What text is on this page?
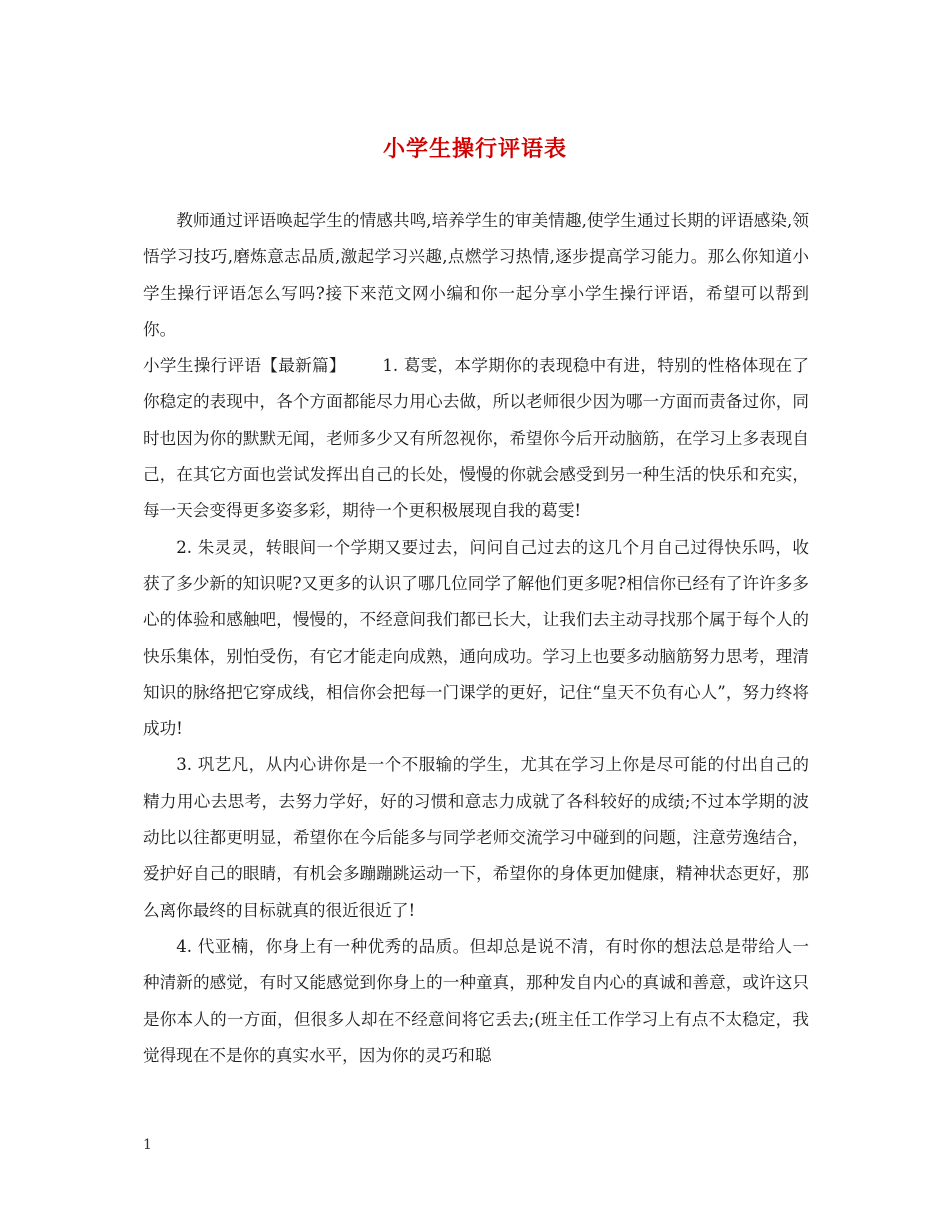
小学生操行评语表

教师通过评语唤起学生的情感共鸣,培养学生的审美情趣,使学生通过长期的评语感染,领悟学习技巧,磨炼意志品质,激起学习兴趣,点燃学习热情,逐步提高学习能力。那么你知道小学生操行评语怎么写吗?接下来范文网小编和你一起分享小学生操行评语，希望可以帮到你。

小学生操行评语【最新篇】 1. 葛雯，本学期你的表现稳中有进，特别的性格体现在了你稳定的表现中，各个方面都能尽力用心去做，所以老师很少因为哪一方面而责备过你，同时也因为你的默默无闻，老师多少又有所忽视你，希望你今后开动脑筋，在学习上多表现自己，在其它方面也尝试发挥出自己的长处，慢慢的你就会感受到另一种生活的快乐和充实，每一天会变得更多姿多彩，期待一个更积极展现自我的葛雯!

2. 朱灵灵，转眼间一个学期又要过去，问问自己过去的这几个月自己过得快乐吗，收获了多少新的知识呢?又更多的认识了哪几位同学了解他们更多呢?相信你已经有了许许多多心的体验和感触吧，慢慢的，不经意间我们都已长大，让我们去主动寻找那个属于每个人的快乐集体，别怕受伤，有它才能走向成熟，通向成功。学习上也要多动脑筋努力思考，理清知识的脉络把它穿成线，相信你会把每一门课学的更好，记住“皇天不负有心人”，努力终将成功!

3. 巩艺凡，从内心讲你是一个不服输的学生，尤其在学习上你是尽可能的付出自己的精力用心去思考，去努力学好，好的习惯和意志力成就了各科较好的成绩;不过本学期的波动比以往都更明显，希望你在今后能多与同学老师交流学习中碰到的问题，注意劳逸结合，爱护好自己的眼睛，有机会多蹦蹦跳运动一下，希望你的身体更加健康，精神状态更好，那么离你最终的目标就真的很近很近了!

4. 代亚楠，你身上有一种优秀的品质。但却总是说不清，有时你的想法总是带给人一种清新的感觉，有时又能感觉到你身上的一种童真，那种发自内心的真诚和善意，或许这只是你本人的一方面，但很多人却在不经意间将它丢去;(班主任工作学习上有点不太稳定，我觉得现在不是你的真实水平，因为你的灵巧和聪

1
